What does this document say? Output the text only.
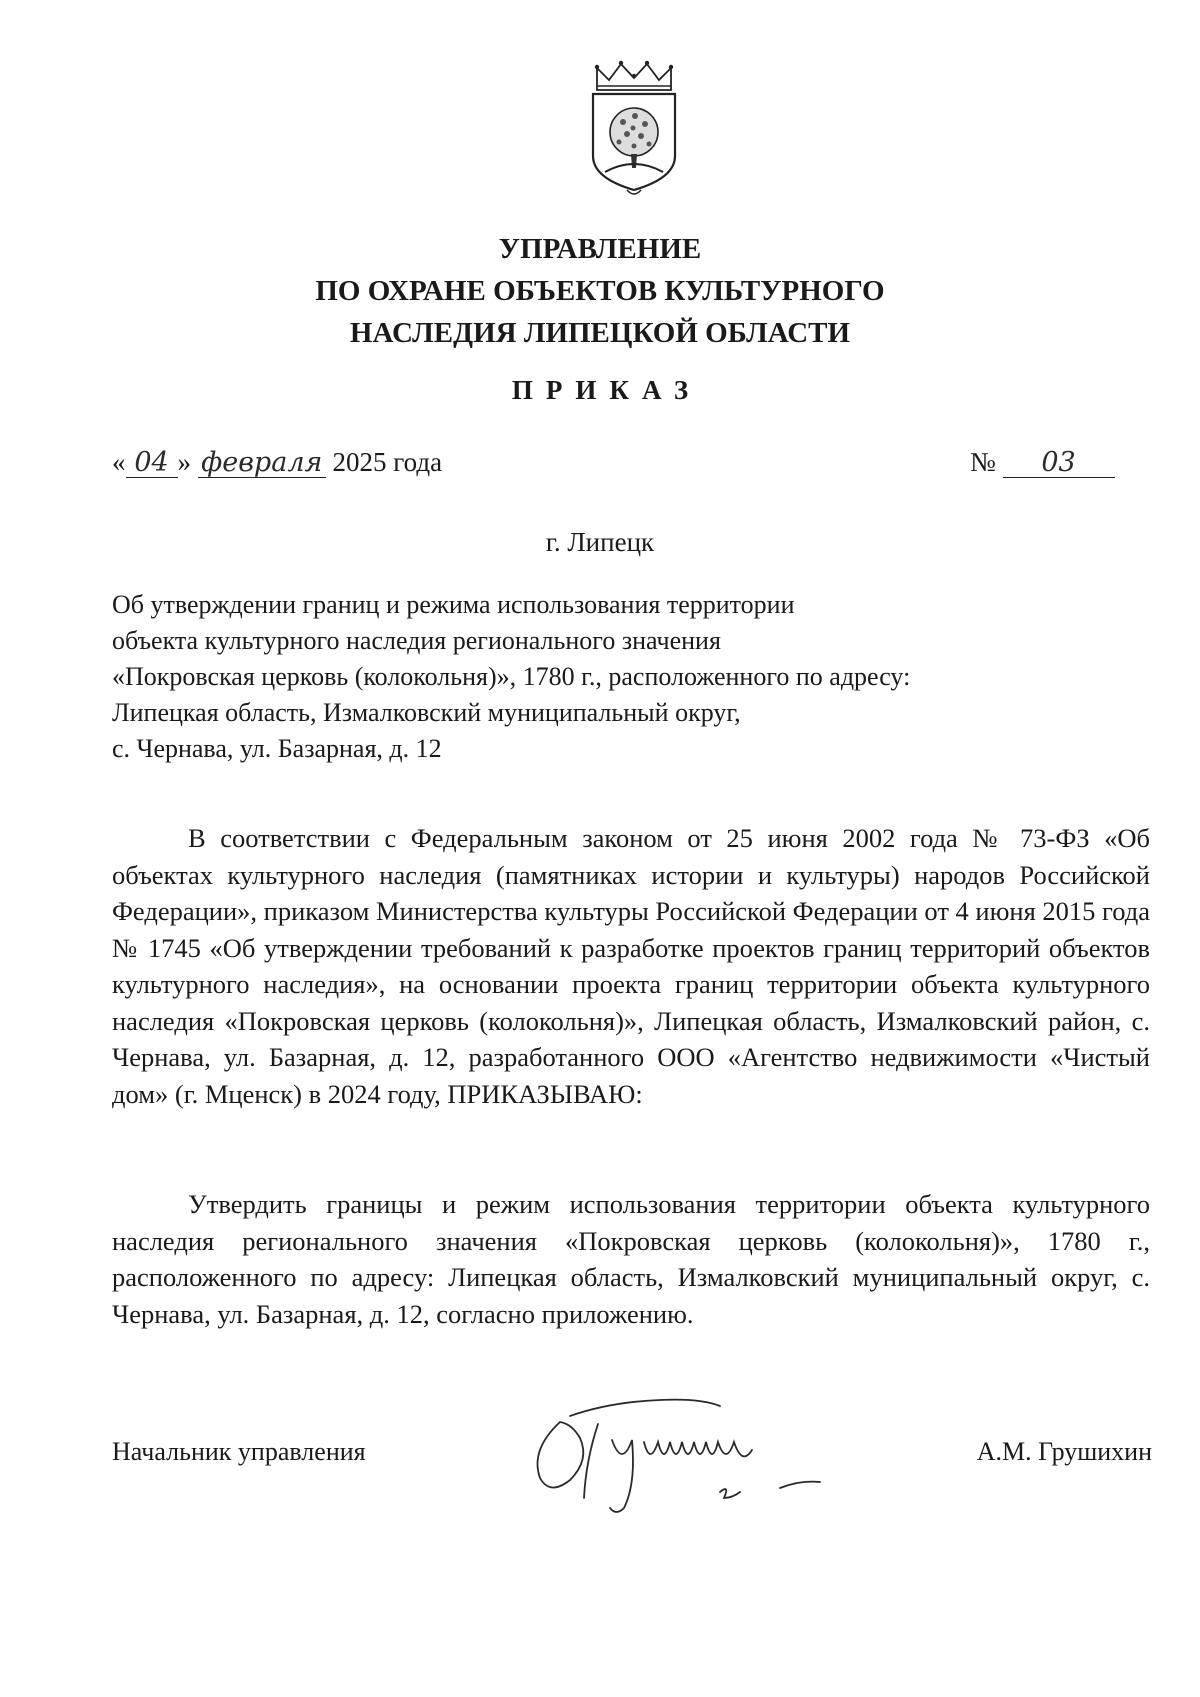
УПРАВЛЕНИЕ
ПО ОХРАНЕ ОБЪЕКТОВ КУЛЬТУРНОГО
НАСЛЕДИЯ ЛИПЕЦКОЙ ОБЛАСТИ
ПРИКАЗ
« 04 » февраля 2025 года	№ 03
г. Липецк
Об утверждении границ и режима использования территории
объекта культурного наследия регионального значения
«Покровская церковь (колокольня)», 1780 г., расположенного по адресу:
Липецкая область, Измалковский муниципальный округ,
с. Чернава, ул. Базарная, д. 12
В соответствии с Федеральным законом от 25 июня 2002 года № 73-ФЗ «Об объектах культурного наследия (памятниках истории и культуры) народов Российской Федерации», приказом Министерства культуры Российской Федерации от 4 июня 2015 года № 1745 «Об утверждении требований к разработке проектов границ территорий объектов культурного наследия», на основании проекта границ территории объекта культурного наследия «Покровская церковь (колокольня)», Липецкая область, Измалковский район, с. Чернава, ул. Базарная, д. 12, разработанного ООО «Агентство недвижимости «Чистый дом» (г. Мценск) в 2024 году, ПРИКАЗЫВАЮ:
Утвердить границы и режим использования территории объекта культурного наследия регионального значения «Покровская церковь (колокольня)», 1780 г., расположенного по адресу: Липецкая область, Измалковский муниципальный округ, с. Чернава, ул. Базарная, д. 12, согласно приложению.
Начальник управления	А.М. Грушихин
